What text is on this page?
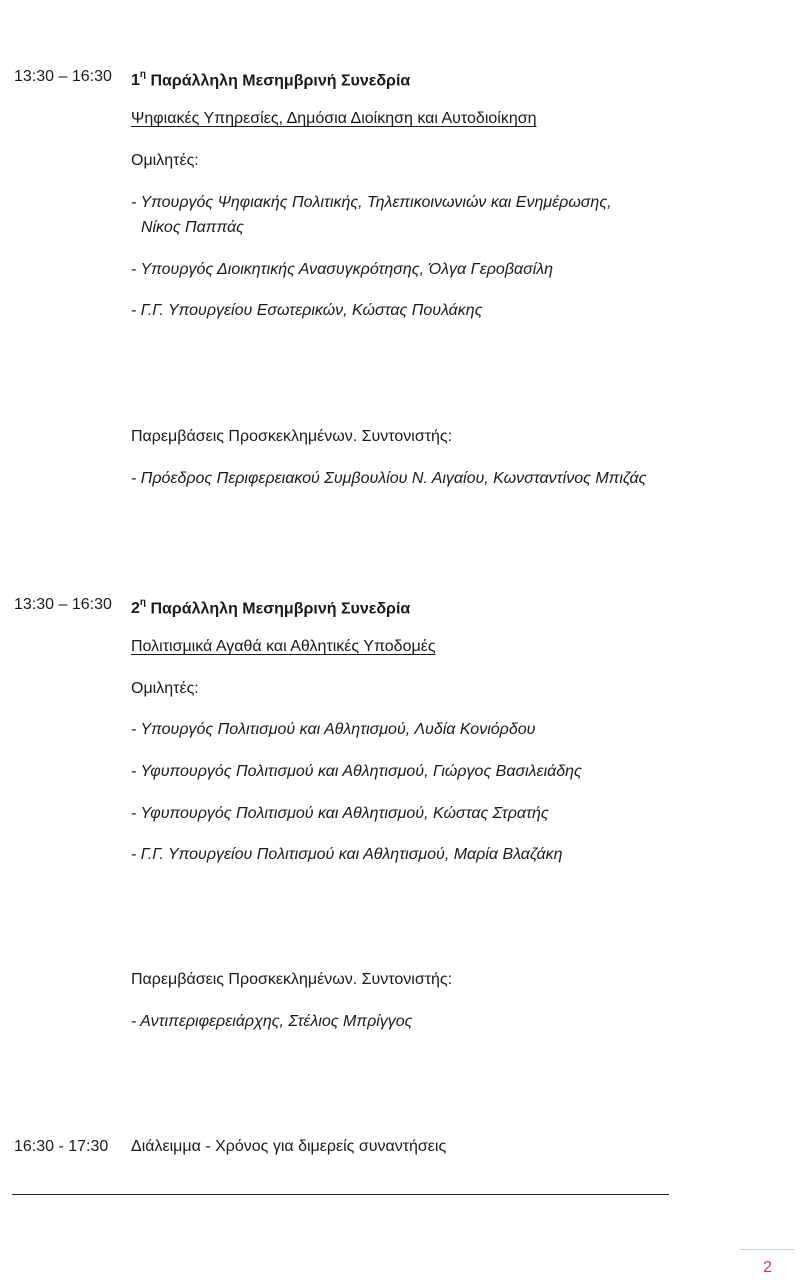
13:30 – 16:30 $1^\eta$ Παράλληλη Μεσημβρινή Συνεδρία
Ψηφιακές Υπηρεσίες, Δημόσια Διοίκηση και Αυτοδιοίκηση
Ομιλητές:
- Υπουργός Ψηφιακής Πολιτικής, Τηλεπικοινωνιών και Ενημέρωσης,
Νίκος Παππάς
- Υπουργός Διοικητικής Ανασυγκρότησης, Όλγα Γεροβασίλη
- Γ.Γ. Υπουργείου Εσωτερικών, Κώστας Πουλάκης
Παρεμβάσεις Προσκεκλημένων. Συντονιστής:
- Πρόεδρος Περιφερειακού Συμβουλίου Ν. Αιγαίου, Κωνσταντίνος Μπιζάς
13:30 – 16:30 $2^\eta$ Παράλληλη Μεσημβρινή Συνεδρία
Πολιτισμικά Αγαθά και Αθλητικές Υποδομές
Ομιλητές:
- Υπουργός Πολιτισμού και Αθλητισμού, Λυδία Κονιόρδου
- Υφυπουργός Πολιτισμού και Αθλητισμού, Γιώργος Βασιλειάδης
- Υφυπουργός Πολιτισμού και Αθλητισμού, Κώστας Στρατής
- Γ.Γ. Υπουργείου Πολιτισμού και Αθλητισμού, Μαρία Βλαζάκη
Παρεμβάσεις Προσκεκλημένων. Συντονιστής:
- Αντιπεριφερειάρχης, Στέλιος Μπρίγγος
16:30 - 17:30 Διάλειμμα - Χρόνος για διμερείς συναντήσεις
2
